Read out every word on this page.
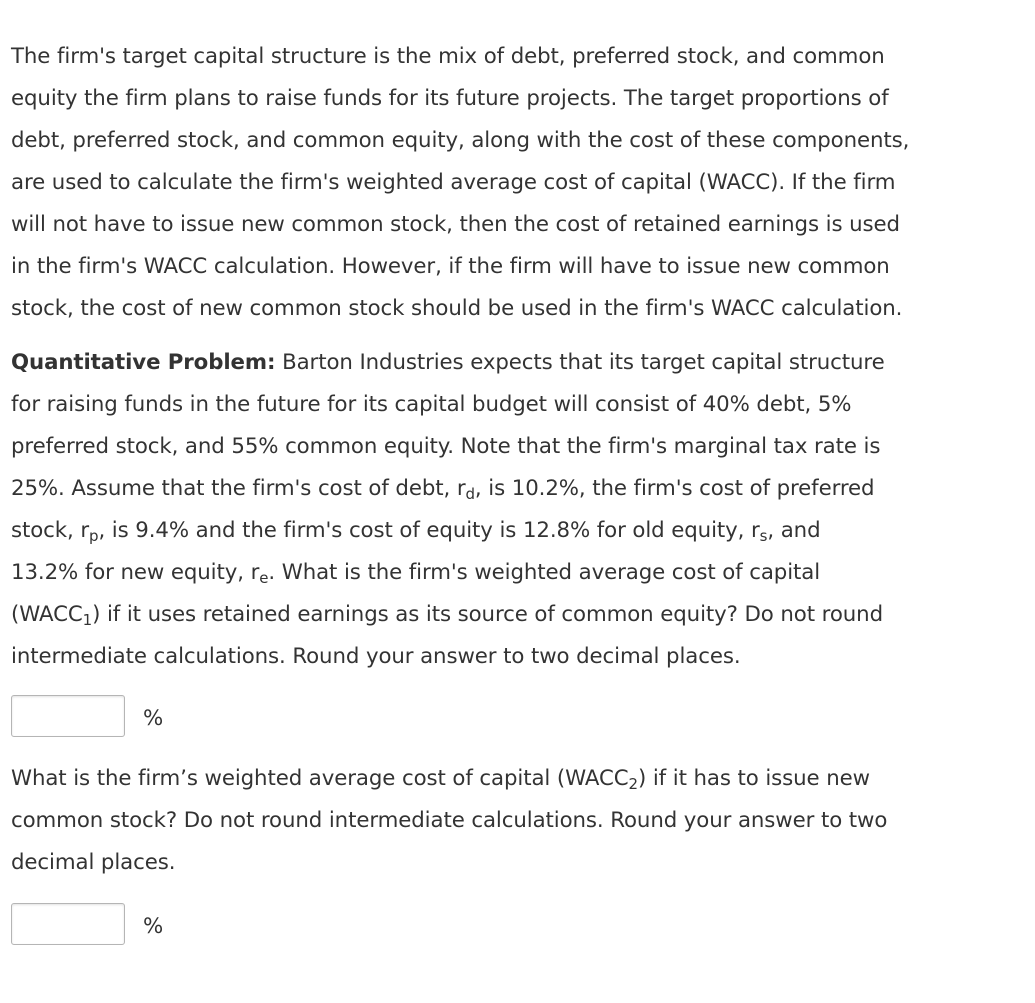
The firm's target capital structure is the mix of debt, preferred stock, and common
equity the firm plans to raise funds for its future projects. The target proportions of
debt, preferred stock, and common equity, along with the cost of these components,
are used to calculate the firm's weighted average cost of capital (WACC). If the firm
will not have to issue new common stock, then the cost of retained earnings is used
in the firm's WACC calculation. However, if the firm will have to issue new common
stock, the cost of new common stock should be used in the firm's WACC calculation.

Quantitative Problem: Barton Industries expects that its target capital structure
for raising funds in the future for its capital budget will consist of 40% debt, 5%
preferred stock, and 55% common equity. Note that the firm's marginal tax rate is
25%. Assume that the firm's cost of debt, $r_d$, is 10.2%, the firm's cost of preferred
stock, $r_p$, is 9.4% and the firm's cost of equity is 12.8% for old equity, $r_s$, and
13.2% for new equity, $r_e$. What is the firm's weighted average cost of capital
$(WACC_1)$ if it uses retained earnings as its source of common equity? Do not round
intermediate calculations. Round your answer to two decimal places.

%

What is the firm’s weighted average cost of capital $(WACC_2)$ if it has to issue new
common stock? Do not round intermediate calculations. Round your answer to two
decimal places.

%
